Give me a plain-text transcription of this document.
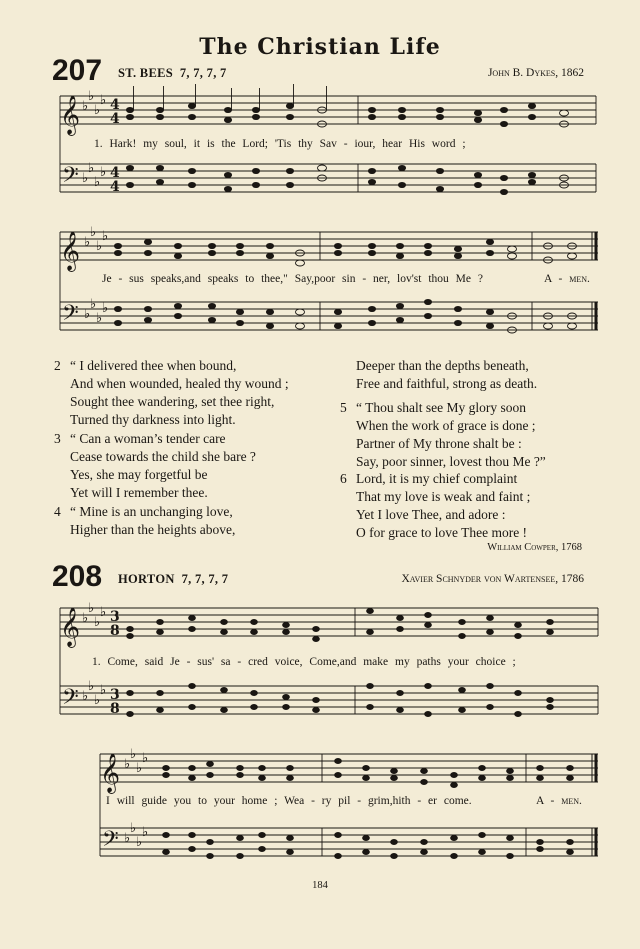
The Christian Life
207 ST. BEES 7, 7, 7, 7	John B. Dykes, 1862
𝄞
𝄢
𝄞
𝄢
𝄞
𝄢
𝄞
𝄢
♭
♭
♭
♭
♭
♭
♭
♭
♭
♭
♭
♭
♭
♭
♭
♭
♭
♭
♭
♭
♭
♭
♭
♭
♭
♭
♭
♭
♭
♭
♭
♭
4
4
4
4
3
8
3
8
1. Hark! my soul, it is the Lord; 'Tis thy Sav - iour, hear His word ;
Je - sus speaks,and speaks to thee," Say,poor sin - ner, lov'st thou Me ?	A - men.
2 “ I delivered thee when bound,
And when wounded, healed thy wound ;
Sought thee wandering, set thee right,
Turned thy darkness into light.
3 “ Can a woman’s tender care
Cease towards the child she bare ?
Yes, she may forgetful be
Yet will I remember thee.
4 “ Mine is an unchanging love,
Higher than the heights above,
Deeper than the depths beneath,
Free and faithful, strong as death.
5 “ Thou shalt see My glory soon
When the work of grace is done ;
Partner of My throne shalt be :
Say, poor sinner, lovest thou Me ?”
6 Lord, it is my chief complaint
That my love is weak and faint ;
Yet I love Thee, and adore :
O for grace to love Thee more !
William Cowper, 1768
208 HORTON 7, 7, 7, 7	Xavier Schnyder von Wartensee, 1786
1. Come, said Je - sus' sa - cred voice, Come,and make my paths your choice ;
I will guide you to your home ; Wea - ry pil - grim,hith - er come.	A - men.
184
